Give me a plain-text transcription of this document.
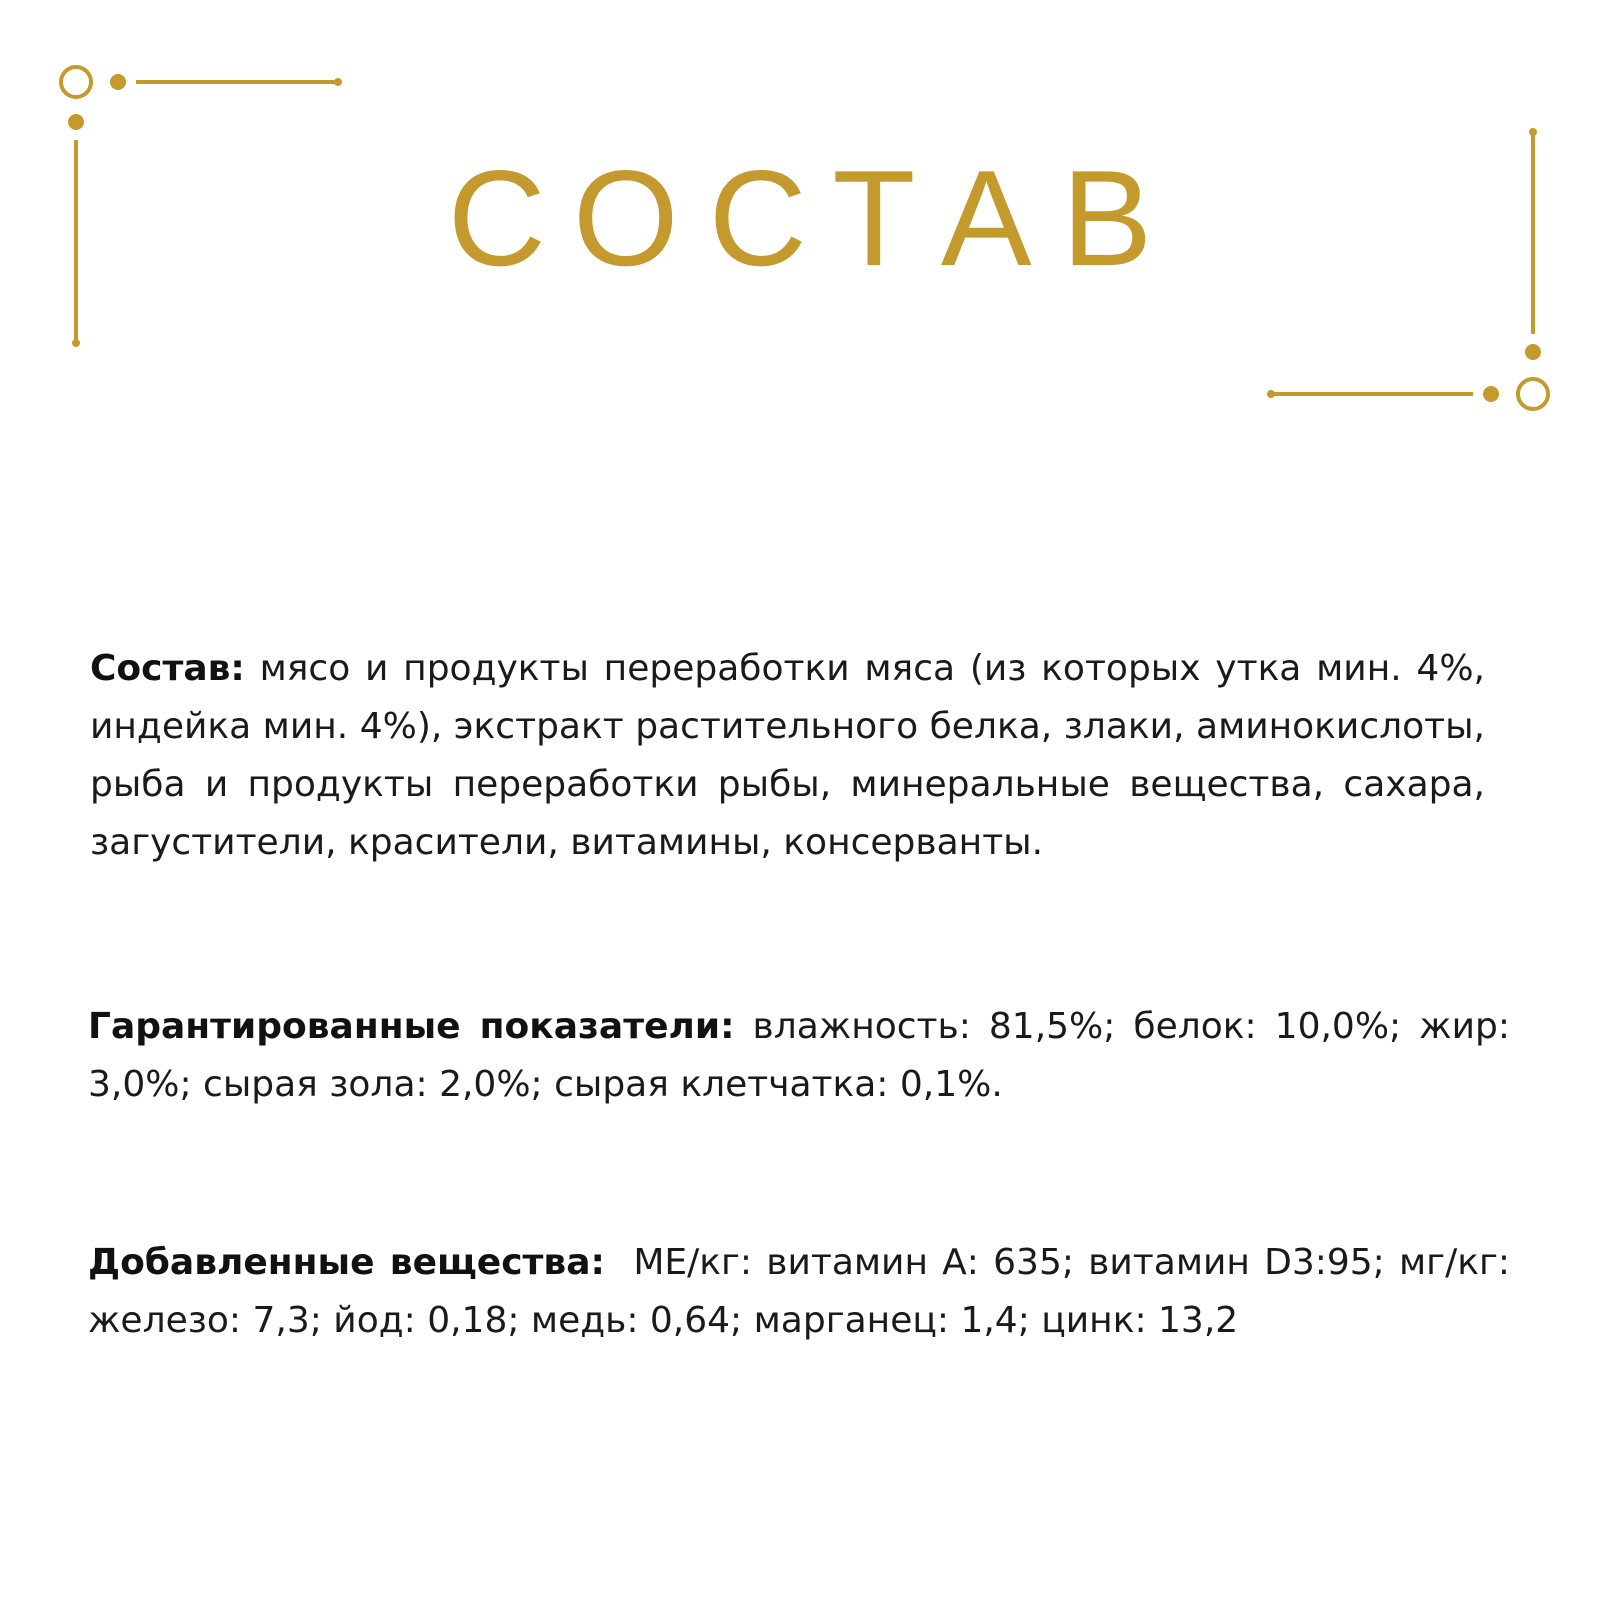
СОСТАВ

Состав: мясо и продукты переработки мяса (из которых утка мин. 4%, индейка мин. 4%), экстракт растительного белка, злаки, аминокислоты, рыба и продукты переработки рыбы, минеральные вещества, сахара, загустители, красители, витамины, консерванты.

Гарантированные показатели: влажность: 81,5%; белок: 10,0%; жир: 3,0%; сырая зола: 2,0%; сырая клетчатка: 0,1%.

Добавленные вещества: МЕ/кг: витамин А: 635; витамин D3:95; мг/кг: железо: 7,3; йод: 0,18; медь: 0,64; марганец: 1,4; цинк: 13,2
